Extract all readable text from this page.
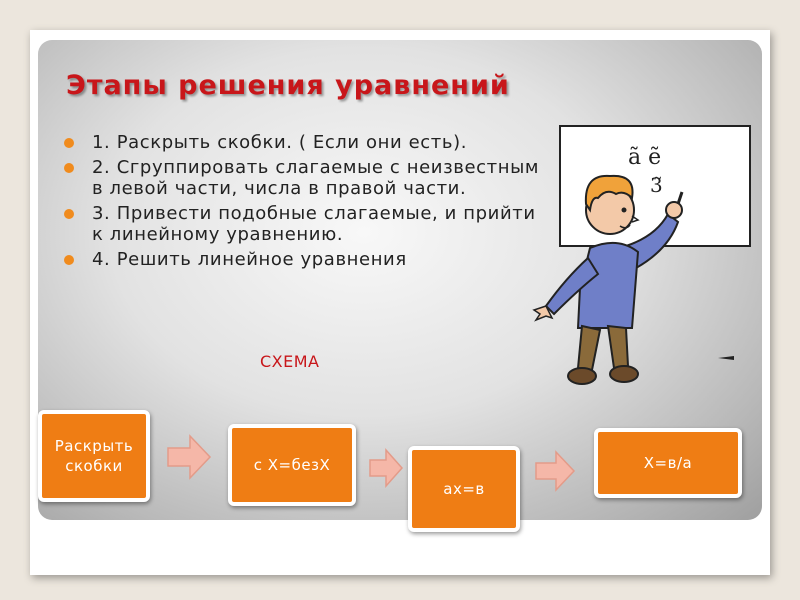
Этапы решения уравнений
1. Раскрыть скобки. ( Если они есть).
2. Сгруппировать слагаемые с неизвестным в левой части, числа в правой части.
3. Привести подобные слагаемые, и прийти к линейному уравнению.
4. Решить линейное уравнения
ã ẽ
3̃
СХЕМА
Раскрыть скобки	с Х=безХ
ах=в
Х=в/а
